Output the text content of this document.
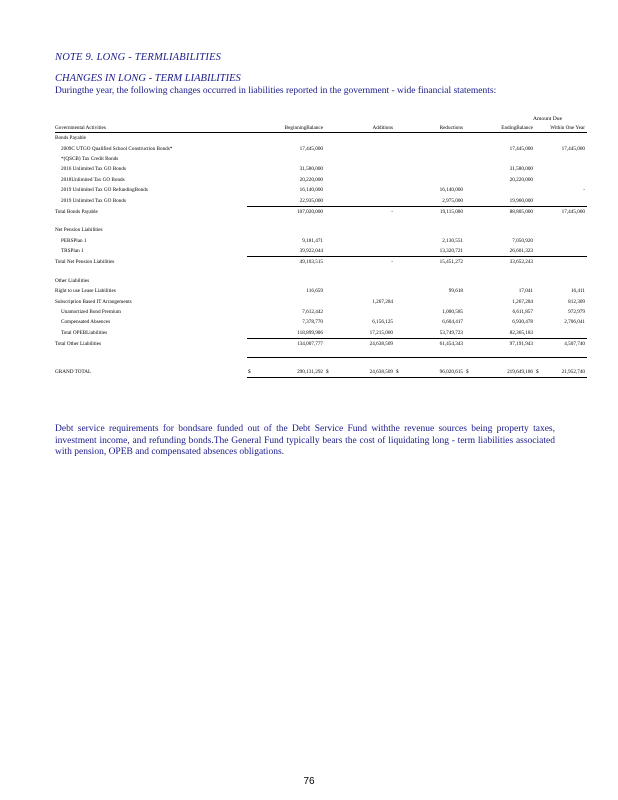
NOTE 9. LONG - TERMLIABILITIES
CHANGES IN LONG - TERM LIABILITIES
Duringthe year, the following changes occurred in liabilities reported in the government - wide financial statements:
Amount Due
Governmental Activities	BeginningBalance	Additions	Reductions	EndingBalance	Within One Year
Bonds Payable					
2009C UTGO Qualified School Construction Bonds*	17,445,000			17,445,000	17,445,000
*(QSCB) Tax Credit Bonds					
2016 Unlimited Tax GO Bonds	31,580,000			31,580,000	
2018Unlimited Tax GO Bonds	20,220,000			20,220,000	
2019 Unlimited Tax GO RefundingBonds	16,140,000		16,140,000		-
2019 Unlimited Tax GO Bonds	22,935,000		2,975,000	19,960,000	
Total Bonds Payable	107,020,000	-	19,115,000	88,805,000	17,445,000

Net Pension Liabilities					
PERSPlan 1	9,181,471		2,130,551	7,050,920	
TRSPlan 1	39,922,044		13,320,721	26,601,323	
Total Net Pension Liabilities	49,103,515	-	15,451,272	33,652,243	

Other Liabilities					
Right to use Lease Liabilities	116,659		99,618	17,041	16,411
Subscription Based IT Arrangements		1,267,284		1,267,284	812,309
Unamortized Bond Premium	7,612,442		1,000,585	6,611,857	972,979
Compensated Absences	7,378,770	6,156,125	6,604,417	6,930,478	2,706,041
Total OPEBLiabilities	118,899,906	17,215,000	53,749,723	82,365,183	
Total Other Liabilities	134,007,777	24,638,509	61,454,343	97,191,943	4,507,740

GRAND TOTAL	$ 290,131,292	$ 24,638,509	$ 96,020,615	$ 219,649,186	$ 21,952,740
Debt service requirements for bondsare funded out of the Debt Service Fund withthe revenue sources being property taxes, investment income, and refunding bonds.The General Fund typically bears the cost of liquidating long - term liabilities associated with pension, OPEB and compensated absences obligations.
76
